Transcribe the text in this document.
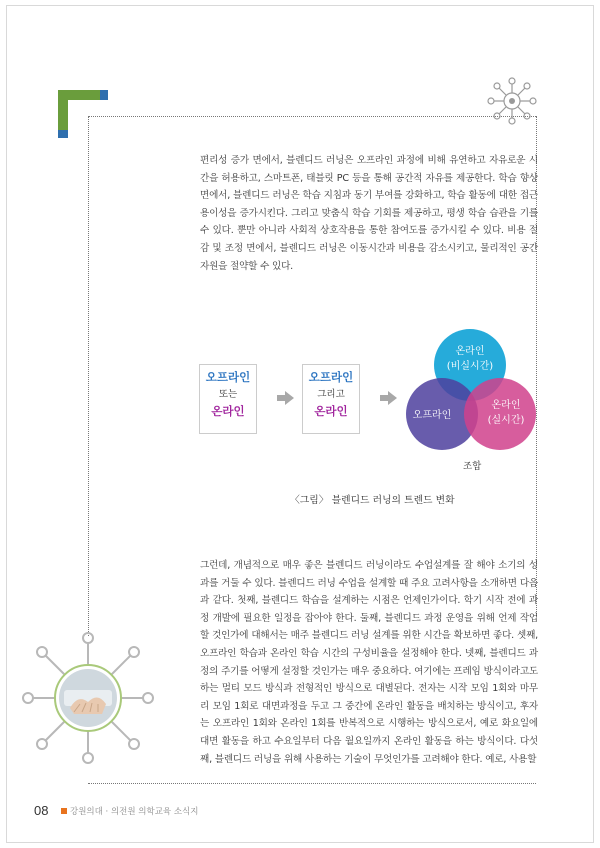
편리성 증가 면에서, 블렌디드 러닝은 오프라인 과정에 비해 유연하고 자유로운 시간을 허용하고, 스마트폰, 태블릿 PC 등을 통해 공간적 자유를 제공한다. 학습 향상 면에서, 블렌디드 러닝은 학습 지침과 동기 부여를 강화하고, 학습 활동에 대한 접근 용이성을 증가시킨다. 그리고 맞춤식 학습 기회를 제공하고, 평생 학습 습관을 기를 수 있다. 뿐만 아니라 사회적 상호작용을 통한 참여도를 증가시킬 수 있다. 비용 절감 및 조정 면에서, 블렌디드 러닝은 이동시간과 비용을 감소시키고, 물리적인 공간 자원을 절약할 수 있다.

오프라인
또는
온라인
오프라인
그리고
온라인
온라인
(비실시간)
오프라인
온라인
(실시간)
조합
〈그림〉 블렌디드 러닝의 트렌드 변화

그런데, 개념적으로 매우 좋은 블렌디드 러닝이라도 수업설계를 잘 해야 소기의 성과를 거둘 수 있다. 블렌디드 러닝 수업을 설계할 때 주요 고려사항을 소개하면 다음과 같다. 첫째, 블렌디드 학습을 설계하는 시점은 언제인가이다. 학기 시작 전에 과정 개발에 필요한 일정을 잡아야 한다. 둘째, 블렌디드 과정 운영을 위해 언제 작업할 것인가에 대해서는 매주 블렌디드 러닝 설계를 위한 시간을 확보하면 좋다. 셋째, 오프라인 학습과 온라인 학습 시간의 구성비율을 설정해야 한다. 넷째, 블렌디드 과정의 주기를 어떻게 설정할 것인가는 매우 중요하다. 여기에는 프레임 방식이라고도 하는 멀티 모드 방식과 전형적인 방식으로 대별된다. 전자는 시작 모임 1회와 마무리 모임 1회로 대면과정을 두고 그 중간에 온라인 활동을 배치하는 방식이고, 후자는 오프라인 1회와 온라인 1회를 반복적으로 시행하는 방식으로서, 예로 화요일에 대면 활동을 하고 수요일부터 다음 월요일까지 온라인 활동을 하는 방식이다. 다섯째, 블렌디드 러닝을 위해 사용하는 기술이 무엇인가를 고려해야 한다. 예로, 사용할

08	강원의대 · 의전원 의학교육 소식지
